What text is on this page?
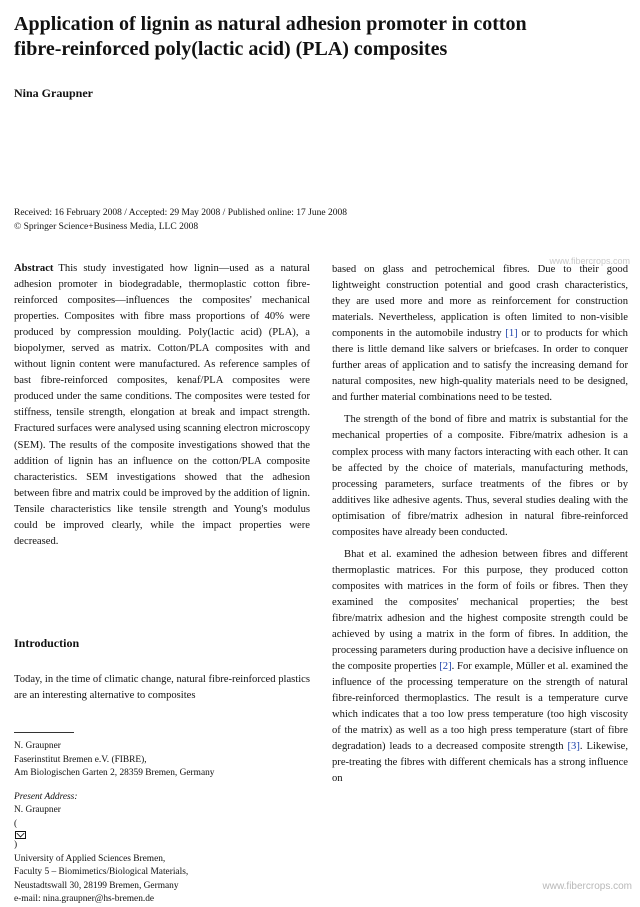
Application of lignin as natural adhesion promoter in cotton
fibre-reinforced poly(lactic acid) (PLA) composites

Nina Graupner

Received: 16 February 2008 / Accepted: 29 May 2008 / Published online: 17 June 2008
© Springer Science+Business Media, LLC 2008

Abstract This study investigated how lignin—used as a natural adhesion promoter in biodegradable, thermoplastic cotton fibre-reinforced composites—influences the composites' mechanical properties. Composites with fibre mass proportions of 40% were produced by compression moulding. Poly(lactic acid) (PLA), a biopolymer, served as matrix. Cotton/PLA composites with and without lignin content were manufactured. As reference samples of bast fibre-reinforced composites, kenaf/PLA composites were produced under the same conditions. The composites were tested for stiffness, tensile strength, elongation at break and impact strength. Fractured surfaces were analysed using scanning electron microscopy (SEM). The results of the composite investigations showed that the addition of lignin has an influence on the cotton/PLA composite characteristics. SEM investigations showed that the adhesion between fibre and matrix could be improved by the addition of lignin. Tensile characteristics like tensile strength and Young's modulus could be improved clearly, while the impact properties were decreased.

Introduction

Today, in the time of climatic change, natural fibre-reinforced plastics are an interesting alternative to composites

N. Graupner
Faserinstitut Bremen e.V. (FIBRE),
Am Biologischen Garten 2, 28359 Bremen, Germany
Present Address:
N. Graupner
(
)
University of Applied Sciences Bremen,
Faculty 5 – Biomimetics/Biological Materials,
Neustadtswall 30, 28199 Bremen, Germany
e-mail: nina.graupner@hs-bremen.de

based on glass and petrochemical fibres. Due to their good lightweight construction potential and good crash characteristics, they are used more and more as reinforcement for construction materials. Nevertheless, application is often limited to non-visible components in the automobile industry [1] or to products for which there is little demand like salvers or briefcases. In order to conquer further areas of application and to satisfy the increasing demand for natural composites, new high-quality materials need to be designed, and further material combinations need to be tested.

The strength of the bond of fibre and matrix is substantial for the mechanical properties of a composite. Fibre/matrix adhesion is a complex process with many factors interacting with each other. It can be affected by the choice of materials, manufacturing methods, processing parameters, surface treatments of the fibres or by additives like adhesive agents. Thus, several studies dealing with the optimisation of fibre/matrix adhesion in natural fibre-reinforced composites have already been conducted.

Bhat et al. examined the adhesion between fibres and different thermoplastic matrices. For this purpose, they produced cotton composites with matrices in the form of foils or fibres. Then they examined the composites' mechanical properties; the best fibre/matrix adhesion and the highest composite strength could be achieved by using a matrix in the form of fibres. In addition, the processing parameters during production have a decisive influence on the composite properties [2]. For example, Müller et al. examined the influence of the processing temperature on the strength of natural fibre-reinforced thermoplastics. The result is a temperature curve which indicates that a too low press temperature (too high viscosity of the matrix) as well as a too high press temperature (start of fibre degradation) leads to a decreased composite strength [3]. Likewise, pre-treating the fibres with different chemicals has a strong influence on

www.fibercrops.com
www.fibercrops.com
